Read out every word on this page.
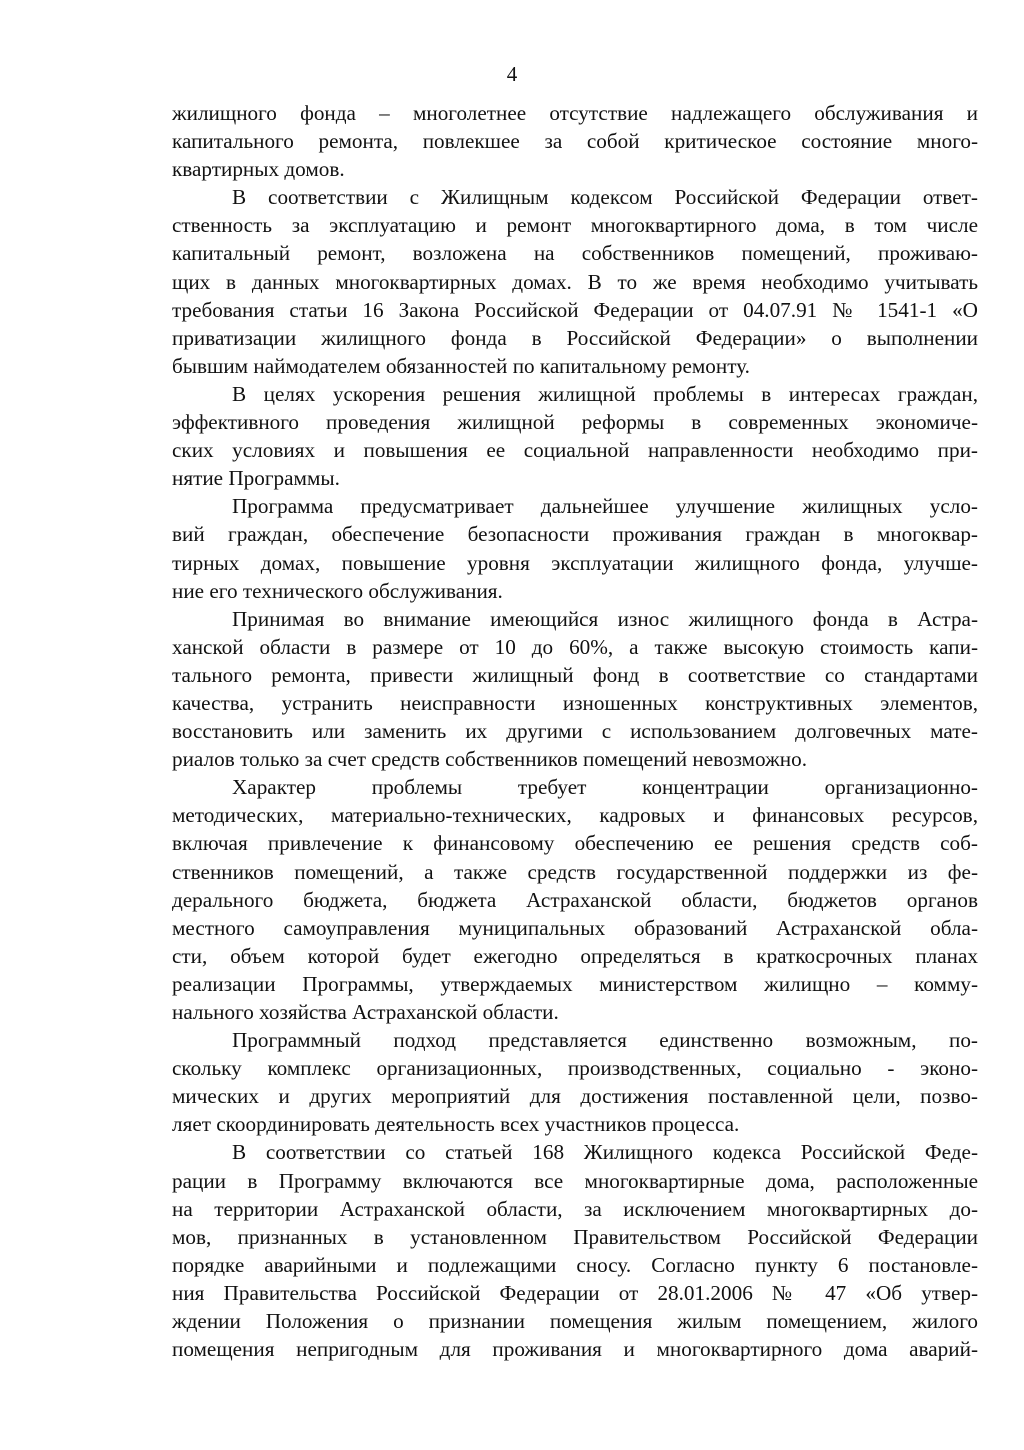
4
жилищного фонда – многолетнее отсутствие надлежащего обслуживания и
капитального ремонта, повлекшее за собой критическое состояние много-
квартирных домов.
В соответствии с Жилищным кодексом Российской Федерации ответ-
ственность за эксплуатацию и ремонт многоквартирного дома, в том числе
капитальный ремонт, возложена на собственников помещений, проживаю-
щих в данных многоквартирных домах. В то же время необходимо учитывать
требования статьи 16 Закона Российской Федерации от 04.07.91 № 1541-1 «О
приватизации жилищного фонда в Российской Федерации» о выполнении
бывшим наймодателем обязанностей по капитальному ремонту.
В целях ускорения решения жилищной проблемы в интересах граждан,
эффективного проведения жилищной реформы в современных экономиче-
ских условиях и повышения ее социальной направленности необходимо при-
нятие Программы.
Программа предусматривает дальнейшее улучшение жилищных усло-
вий граждан, обеспечение безопасности проживания граждан в многоквар-
тирных домах, повышение уровня эксплуатации жилищного фонда, улучше-
ние его технического обслуживания.
Принимая во внимание имеющийся износ жилищного фонда в Астра-
ханской области в размере от 10 до 60%, а также высокую стоимость капи-
тального ремонта, привести жилищный фонд в соответствие со стандартами
качества, устранить неисправности изношенных конструктивных элементов,
восстановить или заменить их другими с использованием долговечных мате-
риалов только за счет средств собственников помещений невозможно.
Характер проблемы требует концентрации организационно-
методических, материально-технических, кадровых и финансовых ресурсов,
включая привлечение к финансовому обеспечению ее решения средств соб-
ственников помещений, а также средств государственной поддержки из фе-
дерального бюджета, бюджета Астраханской области, бюджетов органов
местного самоуправления муниципальных образований Астраханской обла-
сти, объем которой будет ежегодно определяться в краткосрочных планах
реализации Программы, утверждаемых министерством жилищно – комму-
нального хозяйства Астраханской области.
Программный подход представляется единственно возможным, по-
скольку комплекс организационных, производственных, социально - эконо-
мических и других мероприятий для достижения поставленной цели, позво-
ляет скоординировать деятельность всех участников процесса.
В соответствии со статьей 168 Жилищного кодекса Российской Феде-
рации в Программу включаются все многоквартирные дома, расположенные
на территории Астраханской области, за исключением многоквартирных до-
мов, признанных в установленном Правительством Российской Федерации
порядке аварийными и подлежащими сносу. Согласно пункту 6 постановле-
ния Правительства Российской Федерации от 28.01.2006 № 47 «Об утвер-
ждении Положения о признании помещения жилым помещением, жилого
помещения непригодным для проживания и многоквартирного дома аварий-
